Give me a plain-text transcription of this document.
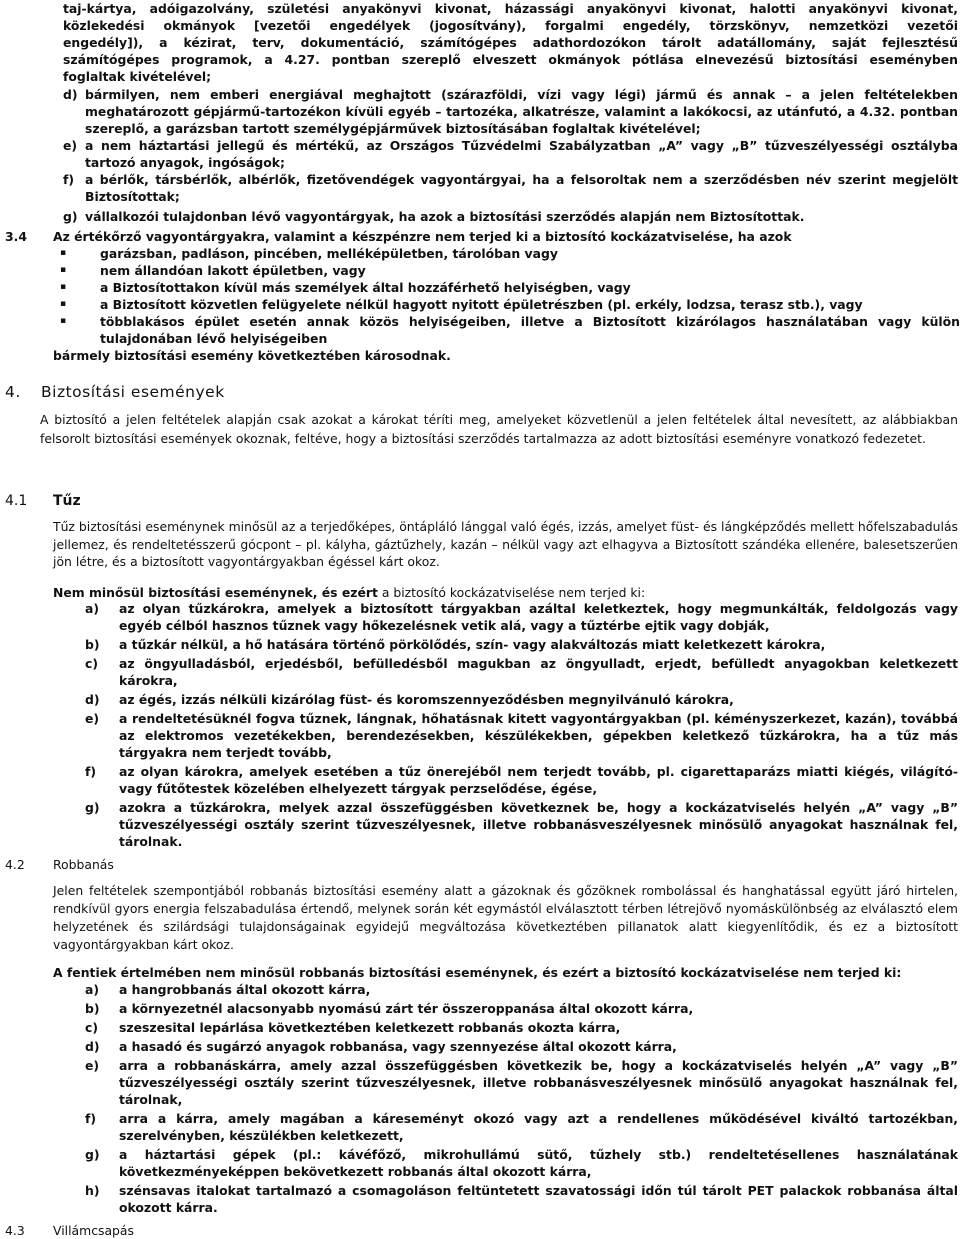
taj-kártya, adóigazolvány, születési anyakönyvi kivonat, házassági anyakönyvi kivonat, halotti anyakönyvi kivonat,
közlekedési okmányok [vezetői engedélyek (jogosítvány), forgalmi engedély, törzskönyv, nemzetközi vezetői
engedély]), a kézirat, terv, dokumentáció, számítógépes adathordozókon tárolt adatállomány, saját fejlesztésű
számítógépes programok, a 4.27. pontban szereplő elveszett okmányok pótlása elnevezésű biztosítási eseményben
foglaltak kivételével;
d) bármilyen, nem emberi energiával meghajtott (szárazföldi, vízi vagy légi) jármű és annak – a jelen feltételekben meghatározott gépjármű-tartozékon kívüli egyéb – tartozéka, alkatrésze, valamint a lakókocsi, az utánfutó, a 4.32. pontban szereplő, a garázsban tartott személygépjárművek biztosításában foglaltak kivételével;
e) a nem háztartási jellegű és mértékű, az Országos Tűzvédelmi Szabályzatban „A” vagy „B” tűzveszélyességi osztályba tartozó anyagok, ingóságok;
f) a bérlők, társbérlők, albérlők, fizetővendégek vagyontárgyai, ha a felsoroltak nem a szerződésben név szerint megjelölt Biztosítottak;
g) vállalkozói tulajdonban lévő vagyontárgyak, ha azok a biztosítási szerződés alapján nem Biztosítottak.
3.4	Az értékőrző vagyontárgyakra, valamint a készpénzre nem terjed ki a biztosító kockázatviselése, ha azok
▪	garázsban, padláson, pincében, melléképületben, tárolóban vagy
▪	nem állandóan lakott épületben, vagy
▪	a Biztosítottakon kívül más személyek által hozzáférhető helyiségben, vagy
▪	a Biztosított közvetlen felügyelete nélkül hagyott nyitott épületrészben (pl. erkély, lodzsa, terasz stb.), vagy
▪	többlakásos épület esetén annak közös helyiségeiben, illetve a Biztosított kizárólagos használatában vagy külön tulajdonában lévő helyiségeiben
bármely biztosítási esemény következtében károsodnak.
4. Biztosítási események
A biztosító a jelen feltételek alapján csak azokat a károkat téríti meg, amelyeket közvetlenül a jelen feltételek által nevesített, az alábbiakban felsorolt biztosítási események okoznak, feltéve, hogy a biztosítási szerződés tartalmazza az adott biztosítási eseményre vonatkozó fedezetet.
4.1 Tűz
Tűz biztosítási eseménynek minősül az a terjedőképes, öntápláló lánggal való égés, izzás, amelyet füst- és lángképződés mellett hőfelszabadulás jellemez, és rendeltetésszerű gócpont – pl. kályha, gáztűzhely, kazán – nélkül vagy azt elhagyva a Biztosított szándéka ellenére, balesetszerűen jön létre, és a biztosított vagyontárgyakban égéssel kárt okoz.
Nem minősül biztosítási eseménynek, és ezért a biztosító kockázatviselése nem terjed ki:
a)	az olyan tűzkárokra, amelyek a biztosított tárgyakban azáltal keletkeztek, hogy megmunkálták, feldolgozás vagy egyéb célból hasznos tűznek vagy hőkezelésnek vetik alá, vagy a tűztérbe ejtik vagy dobják,
b)	a tűzkár nélkül, a hő hatására történő pörkölődés, szín- vagy alakváltozás miatt keletkezett károkra,
c)	az öngyulladásból, erjedésből, befülledésből magukban az öngyulladt, erjedt, befülledt anyagokban keletkezett károkra,
d)	az égés, izzás nélküli kizárólag füst- és koromszennyeződésben megnyilvánuló károkra,
e)	a rendeltetésüknél fogva tűznek, lángnak, hőhatásnak kitett vagyontárgyakban (pl. kéményszerkezet, kazán), továbbá az elektromos vezetékekben, berendezésekben, készülékekben, gépekben keletkező tűzkárokra, ha a tűz más tárgyakra nem terjedt tovább,
f)	az olyan károkra, amelyek esetében a tűz önerejéből nem terjedt tovább, pl. cigarettaparázs miatti kiégés, világító- vagy fűtőtestek közelében elhelyezett tárgyak perzselődése, égése,
g)	azokra a tűzkárokra, melyek azzal összefüggésben következnek be, hogy a kockázatviselés helyén „A” vagy „B” tűzveszélyességi osztály szerint tűzveszélyesnek, illetve robbanásveszélyesnek minősülő anyagokat használnak fel, tárolnak.
4.2 Robbanás
Jelen feltételek szempontjából robbanás biztosítási esemény alatt a gázoknak és gőzöknek rombolással és hanghatással együtt járó hirtelen, rendkívül gyors energia felszabadulása értendő, melynek során két egymástól elválasztott térben létrejövő nyomáskülönbség az elválasztó elem helyzetének és szilárdsági tulajdonságainak egyidejű megváltozása következtében pillanatok alatt kiegyenlítődik, és ez a biztosított vagyontárgyakban kárt okoz.
A fentiek értelmében nem minősül robbanás biztosítási eseménynek, és ezért a biztosító kockázatviselése nem terjed ki:
a)	a hangrobbanás által okozott kárra,
b)	a környezetnél alacsonyabb nyomású zárt tér összeroppanása által okozott kárra,
c)	szeszesital lepárlása következtében keletkezett robbanás okozta kárra,
d)	a hasadó és sugárzó anyagok robbanása, vagy szennyezése által okozott kárra,
e)	arra a robbanáskárra, amely azzal összefüggésben következik be, hogy a kockázatviselés helyén „A” vagy „B” tűzveszélyességi osztály szerint tűzveszélyesnek, illetve robbanásveszélyesnek minősülő anyagokat használnak fel, tárolnak,
f)	arra a kárra, amely magában a káreseményt okozó vagy azt a rendellenes működésével kiváltó tartozékban, szerelvényben, készülékben keletkezett,
g)	a háztartási gépek (pl.: kávéfőző, mikrohullámú sütő, tűzhely stb.) rendeltetésellenes használatának következményeképpen bekövetkezett robbanás által okozott kárra,
h)	szénsavas italokat tartalmazó a csomagoláson feltüntetett szavatossági időn túl tárolt PET palackok robbanása által okozott kárra.
4.3 Villámcsapás
